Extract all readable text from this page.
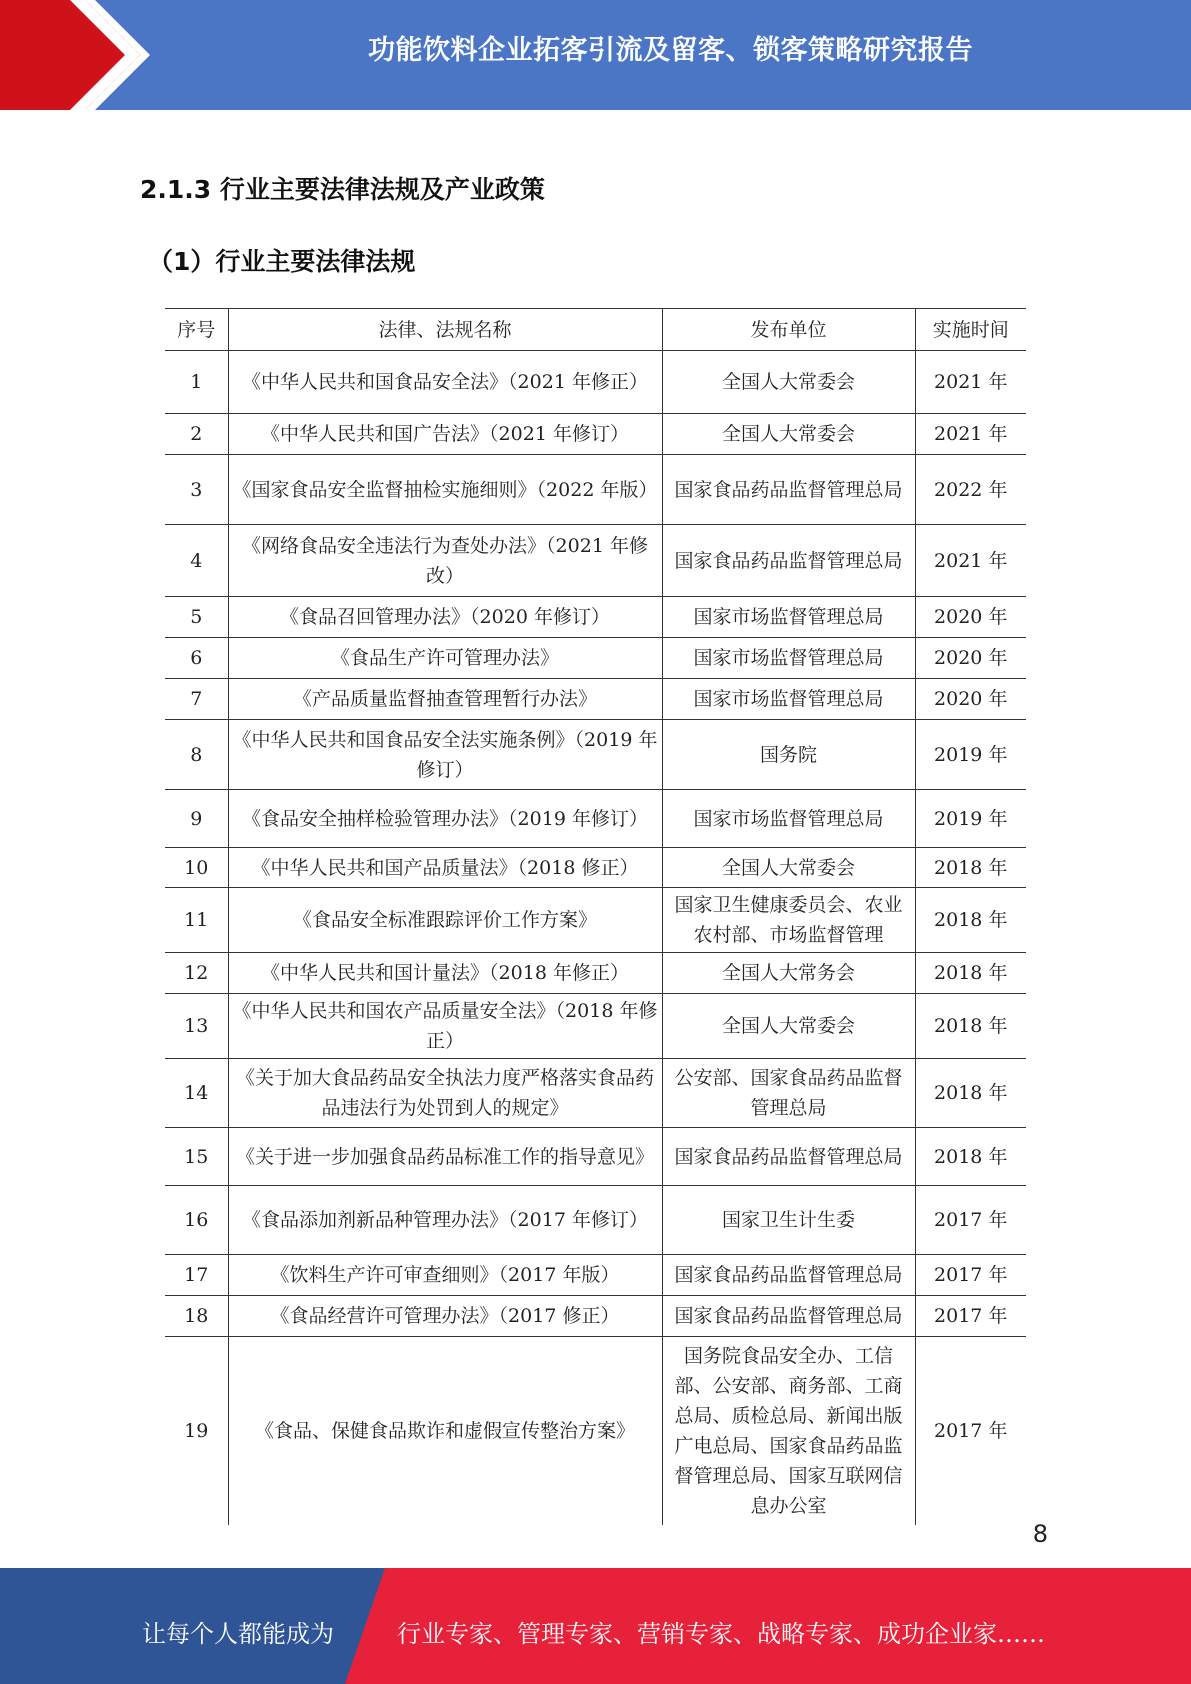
功能饮料企业拓客引流及留客、锁客策略研究报告
2.1.3 行业主要法律法规及产业政策
（1）行业主要法律法规
序号	法律、法规名称	发布单位	实施时间
1	《中华人民共和国食品安全法》（2021 年修正）	全国人大常委会	2021 年
2	《中华人民共和国广告法》（2021 年修订）	全国人大常委会	2021 年
3	《国家食品安全监督抽检实施细则》（2022 年版）	国家食品药品监督管理总局	2022 年
4	《网络食品安全违法行为查处办法》（2021 年修改）	国家食品药品监督管理总局	2021 年
5	《食品召回管理办法》（2020 年修订）	国家市场监督管理总局	2020 年
6	《食品生产许可管理办法》	国家市场监督管理总局	2020 年
7	《产品质量监督抽查管理暂行办法》	国家市场监督管理总局	2020 年
8	《中华人民共和国食品安全法实施条例》（2019 年修订）	国务院	2019 年
9	《食品安全抽样检验管理办法》（2019 年修订）	国家市场监督管理总局	2019 年
10	《中华人民共和国产品质量法》（2018 修正）	全国人大常委会	2018 年
11	《食品安全标准跟踪评价工作方案》	国家卫生健康委员会、农业农村部、市场监督管理	2018 年
12	《中华人民共和国计量法》（2018 年修正）	全国人大常务会	2018 年
13	《中华人民共和国农产品质量安全法》（2018 年修正）	全国人大常委会	2018 年
14	《关于加大食品药品安全执法力度严格落实食品药品违法行为处罚到人的规定》	公安部、国家食品药品监督管理总局	2018 年
15	《关于进一步加强食品药品标准工作的指导意见》	国家食品药品监督管理总局	2018 年
16	《食品添加剂新品种管理办法》（2017 年修订）	国家卫生计生委	2017 年
17	《饮料生产许可审查细则》（2017 年版）	国家食品药品监督管理总局	2017 年
18	《食品经营许可管理办法》（2017 修正）	国家食品药品监督管理总局	2017 年
19	《食品、保健食品欺诈和虚假宣传整治方案》	国务院食品安全办、工信部、公安部、商务部、工商总局、质检总局、新闻出版广电总局、国家食品药品监督管理总局、国家互联网信息办公室	2017 年
8
让每个人都能成为	行业专家、管理专家、营销专家、战略专家、成功企业家……
